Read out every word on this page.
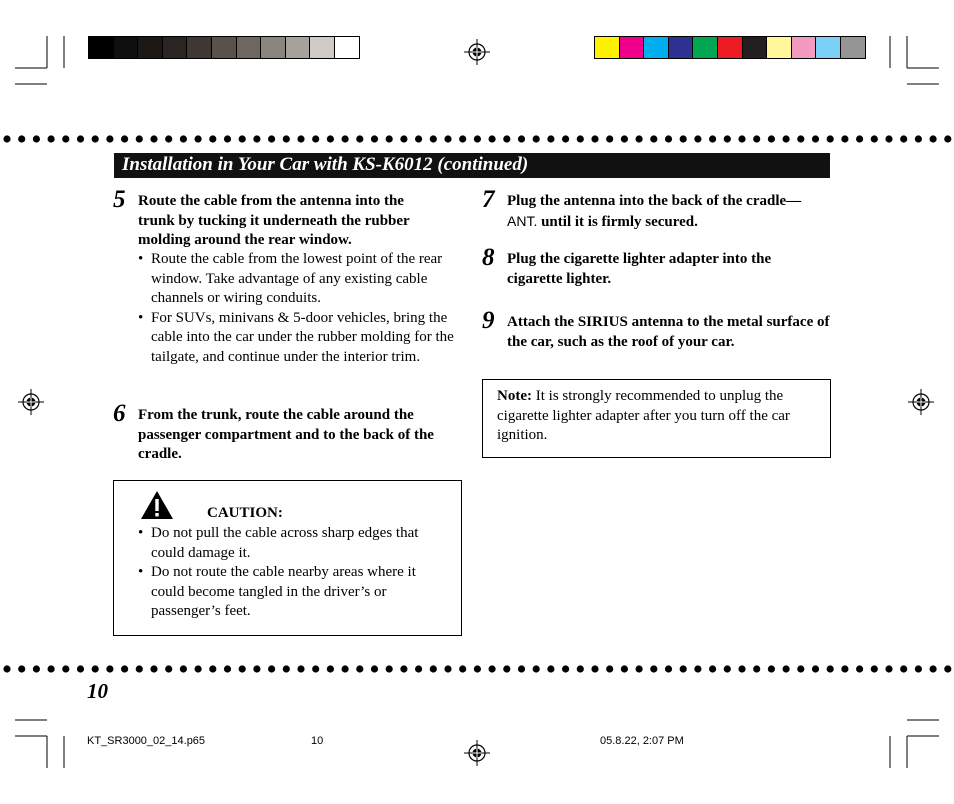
Installation in Your Car with KS-K6012 (continued)
5 Route the cable from the antenna into the trunk by tucking it underneath the rubber molding around the rear window.
• Route the cable from the lowest point of the rear window. Take advantage of any existing cable channels or wiring conduits.
• For SUVs, minivans & 5-door vehicles, bring the cable into the car under the rubber molding for the tailgate, and continue under the interior trim.
6 From the trunk, route the cable around the passenger compartment and to the back of the cradle.
CAUTION:
• Do not pull the cable across sharp edges that could damage it.
• Do not route the cable nearby areas where it could become tangled in the driver’s or passenger’s feet.
7 Plug the antenna into the back of the cradle—
ANT. until it is firmly secured.
8 Plug the cigarette lighter adapter into the cigarette lighter.
9 Attach the SIRIUS antenna to the metal surface of the car, such as the roof of your car.
Note: It is strongly recommended to unplug the cigarette lighter adapter after you turn off the car ignition.
10
KT_SR3000_02_14.p65	10	05.8.22, 2:07 PM
